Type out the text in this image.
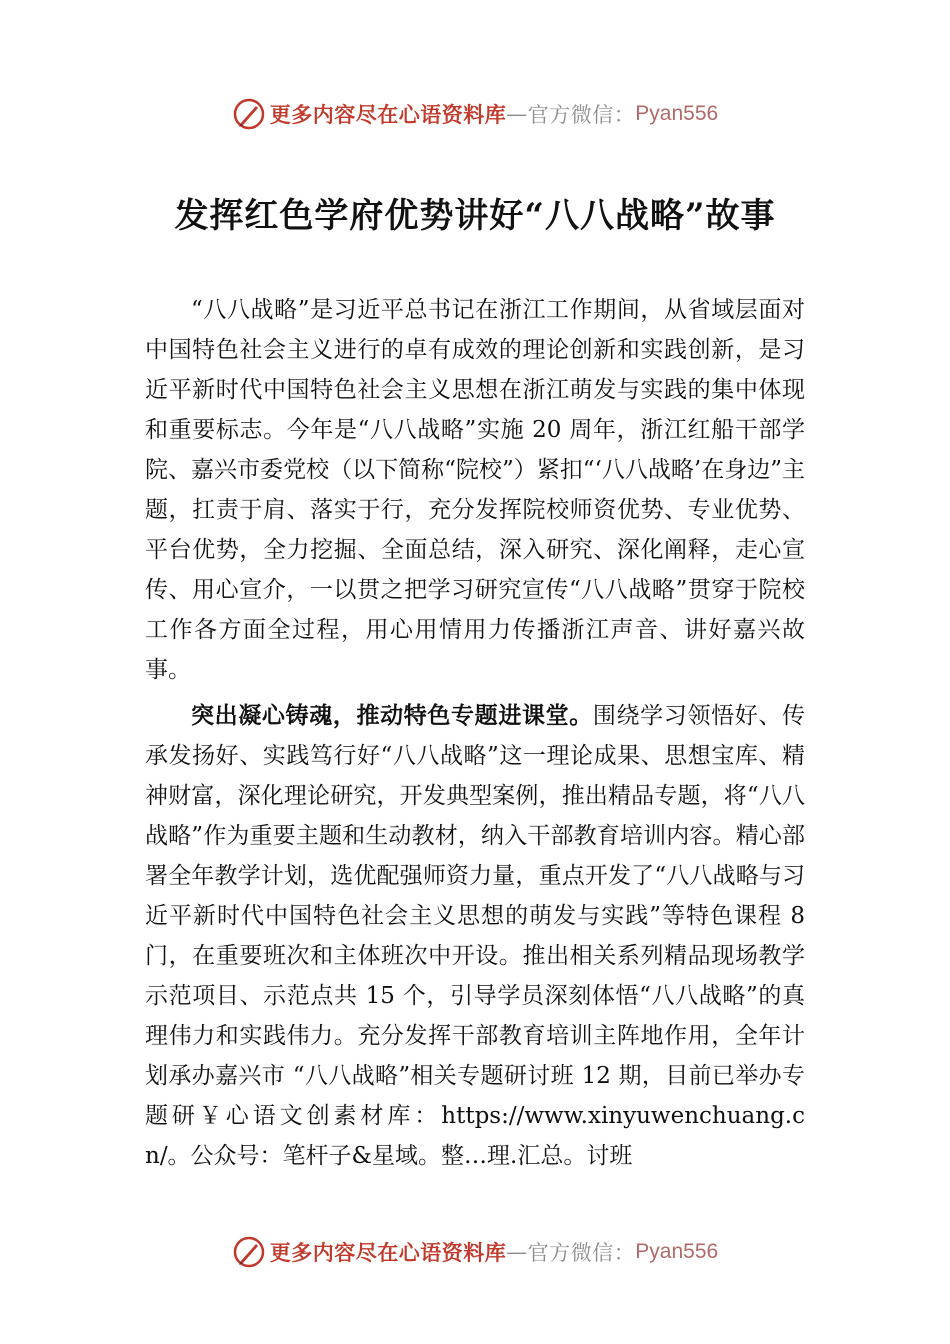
更多内容尽在心语资料库 — 官方微信： Pyan556
发挥红色学府优势讲好“八八战略”故事

“八八战略”是习近平总书记在浙江工作期间，从省域层面对中国特色社会主义进行的卓有成效的理论创新和实践创新，是习近平新时代中国特色社会主义思想在浙江萌发与实践的集中体现和重要标志。今年是“八八战略”实施 20 周年，浙江红船干部学院、嘉兴市委党校（以下简称“院校”）紧扣“‘八八战略’在身边”主题，扛责于肩、落实于行，充分发挥院校师资优势、专业优势、平台优势，全力挖掘、全面总结，深入研究、深化阐释，走心宣传、用心宣介，一以贯之把学习研究宣传“八八战略”贯穿于院校工作各方面全过程，用心用情用力传播浙江声音、讲好嘉兴故事。

突出凝心铸魂，推动特色专题进课堂。围绕学习领悟好、传承发扬好、实践笃行好“八八战略”这一理论成果、思想宝库、精神财富，深化理论研究，开发典型案例，推出精品专题，将“八八战略”作为重要主题和生动教材，纳入干部教育培训内容。精心部署全年教学计划，选优配强师资力量，重点开发了“八八战略与习近平新时代中国特色社会主义思想的萌发与实践”等特色课程 8 门，在重要班次和主体班次中开设。推出相关系列精品现场教学示范项目、示范点共 15 个，引导学员深刻体悟“八八战略”的真理伟力和实践伟力。充分发挥干部教育培训主阵地作用，全年计划承办嘉兴市 “八八战略”相关专题研讨班 12 期，目前已举办专题研￥心语文创素材库：https://www.xinyuwenchuang.cn/。公众号：笔杆子&星域。整…理.汇总。讨班

更多内容尽在心语资料库 — 官方微信： Pyan556
